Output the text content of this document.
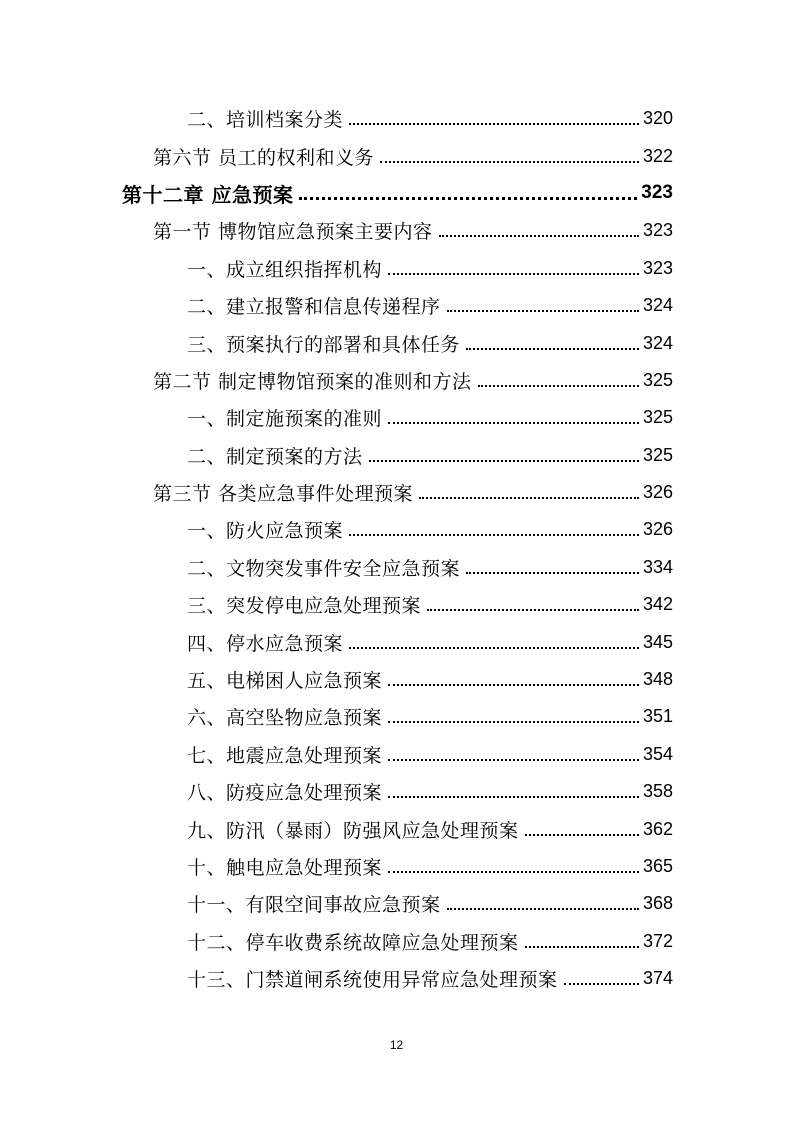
二、培训档案分类	320
第六节 员工的权利和义务	322
第十二章 应急预案	323
第一节 博物馆应急预案主要内容	323
一、成立组织指挥机构	323
二、建立报警和信息传递程序	324
三、预案执行的部署和具体任务	324
第二节 制定博物馆预案的准则和方法	325
一、制定施预案的准则	325
二、制定预案的方法	325
第三节 各类应急事件处理预案	326
一、防火应急预案	326
二、文物突发事件安全应急预案	334
三、突发停电应急处理预案	342
四、停水应急预案	345
五、电梯困人应急预案	348
六、高空坠物应急预案	351
七、地震应急处理预案	354
八、防疫应急处理预案	358
九、防汛（暴雨）防强风应急处理预案	362
十、触电应急处理预案	365
十一、有限空间事故应急预案	368
十二、停车收费系统故障应急处理预案	372
十三、门禁道闸系统使用异常应急处理预案	374
12
